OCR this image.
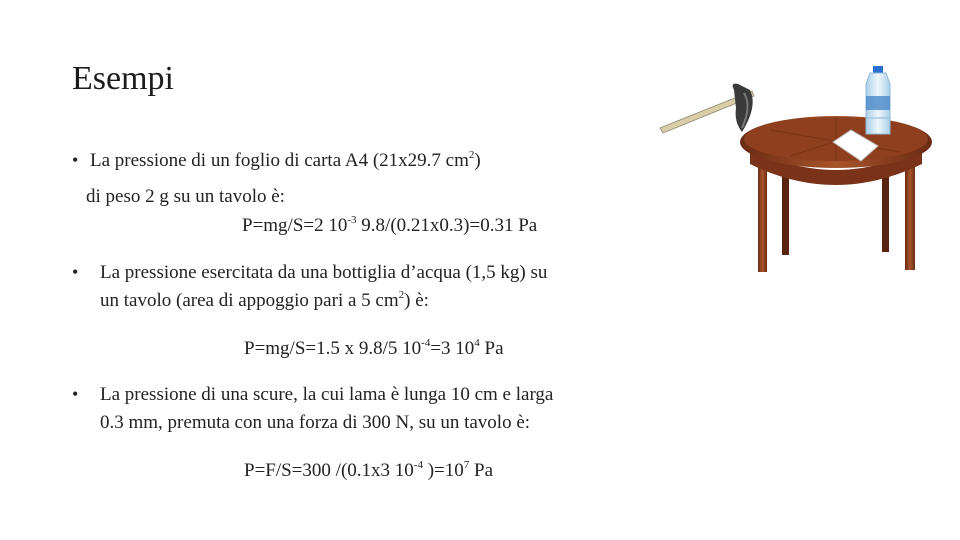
Esempi
• La pressione di un foglio di carta A4 (21x29.7 $cm^2$)
di peso 2 g su un tavolo è:
P=mg/S=2 $10^{-3}$ 9.8/(0.21x0.3)=0.31 Pa
• La pressione esercitata da una bottiglia d’acqua (1,5 kg) su
un tavolo (area di appoggio pari a 5 $cm^2$) è:
P=mg/S=1.5 x 9.8/5 $10^{-4}=3$ $10^4$ Pa
• La pressione di una scure, la cui lama è lunga 10 cm e larga
0.3 mm, premuta con una forza di 300 N, su un tavolo è:
P=F/S=300 /(0.1x3 $10^{-4}$ )$=10^7$ Pa
